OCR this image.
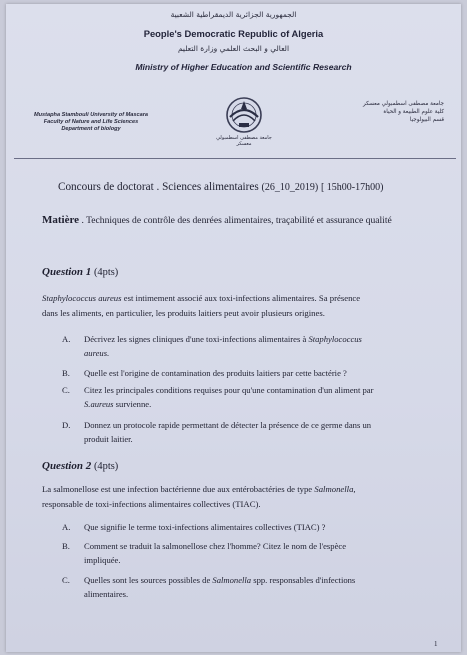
الجمهورية الجزائرية الديمقراطية الشعبية
People's Democratic Republic of Algeria
العالي و البحث العلمي وزارة التعليم
Ministry of Higher Education and Scientific Research
Mustapha Stambouli University of Mascara
Faculty of Nature and Life Sciences
Department of biology
جامعة مصطفى اسطمبولي معسكر
جامعة مصطفى اسطمبولي معسكر
كلية علوم الطبيعة و الحياة
قسم البيولوجيا
Concours de doctorat . Sciences alimentaires (26_10_2019) [ 15h00-17h00)
Matière . Techniques de contrôle des denrées alimentaires, traçabilité et assurance qualité
Question 1 (4pts)
Staphylococcus aureus est intimement associé aux toxi-infections alimentaires. Sa présence
dans les aliments, en particulier, les produits laitiers peut avoir plusieurs origines.
A. Décrivez les signes cliniques d'une toxi-infections alimentaires à Staphylococcus
aureus.
B. Quelle est l'origine de contamination des produits laitiers par cette bactérie ?
C. Citez les principales conditions requises pour qu'une contamination d'un aliment par
S.aureus survienne.
D. Donnez un protocole rapide permettant de détecter la présence de ce germe dans un
produit laitier.
Question 2 (4pts)
La salmonellose est une infection bactérienne due aux entérobactéries de type Salmonella,
responsable de toxi-infections alimentaires collectives (TIAC).
A. Que signifie le terme toxi-infections alimentaires collectives (TIAC) ?
B. Comment se traduit la salmonellose chez l'homme? Citez le nom de l'espèce
impliquée.
C. Quelles sont les sources possibles de Salmonella spp. responsables d'infections
alimentaires.
1
